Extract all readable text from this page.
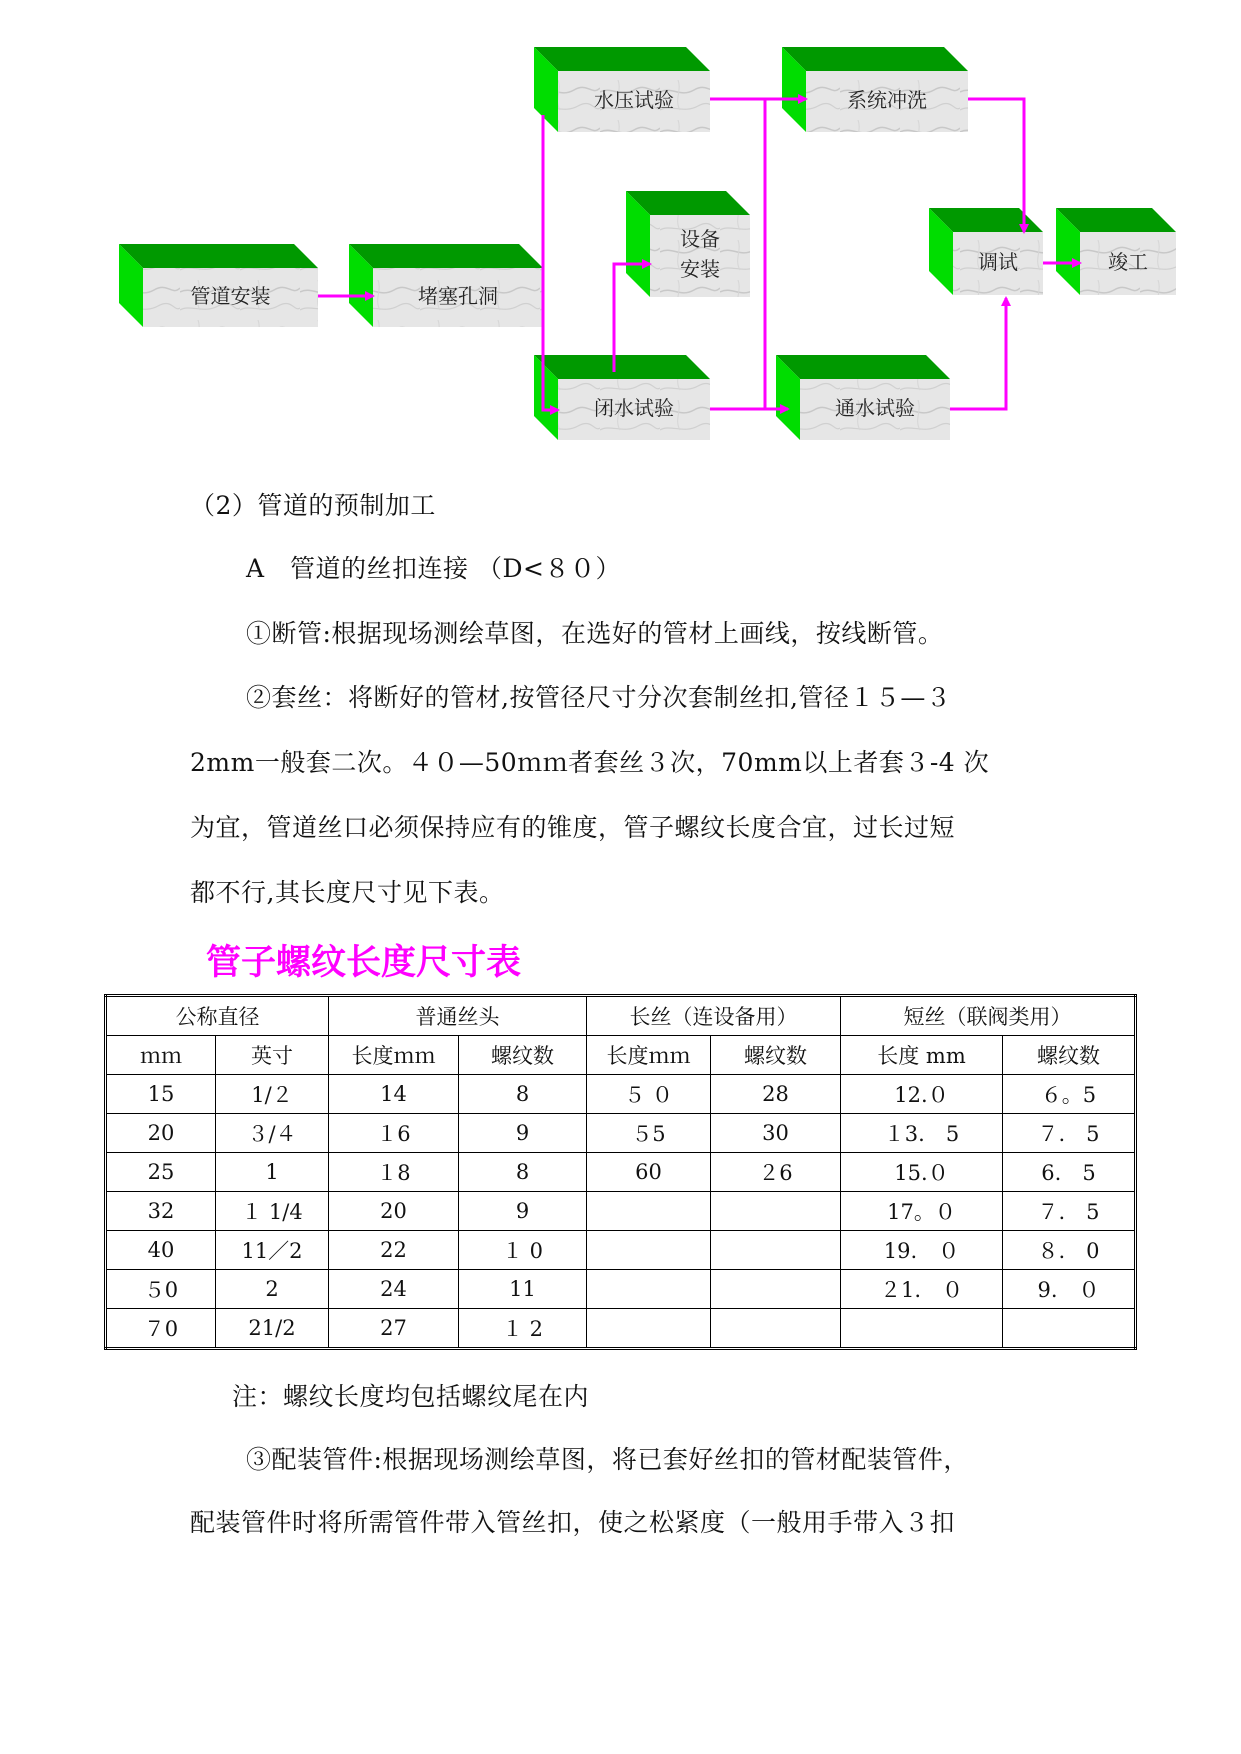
管道安装	堵塞孔洞
水压试验
设备
安装
闭水试验
系统冲洗
通水试验
调试	竣工
（2）管道的预制加工
A　管道的丝扣连接 （D<８０）
①断管:根据现场测绘草图，在选好的管材上画线，按线断管。
②套丝：将断好的管材,按管径尺寸分次套制丝扣,管径１５—３
2mm一般套二次。４０—50ｍｍ者套丝３次，70mm以上者套３-4 次
为宜，管道丝口必须保持应有的锥度，管子螺纹长度合宜，过长过短
都不行,其长度尺寸见下表。
管子螺纹长度尺寸表
公称直径		普通丝头		长丝（连设备用）		短丝（联阀类用）	
ｍｍ	英寸	长度ｍｍ	螺纹数	长度ｍｍ	螺纹数	长度 mm	螺纹数
15	1/２	14	8	５ ０	28	12.０	６。5
20	３/４	１6	9	５5	30	１3.　5	７.　5
25	1	１8	8	60	２6	15.０	6.　5
32	１ 1/4	20	9			17。０	７.　5
40	11／2	22	１ 0			19.　０	８.　0
５0	2	24	11			２1.　０	9.　０
７0	21/2	27	１ 2				
注：螺纹长度均包括螺纹尾在内
③配装管件:根据现场测绘草图，将已套好丝扣的管材配装管件，
配装管件时将所需管件带入管丝扣，使之松紧度（一般用手带入３扣
